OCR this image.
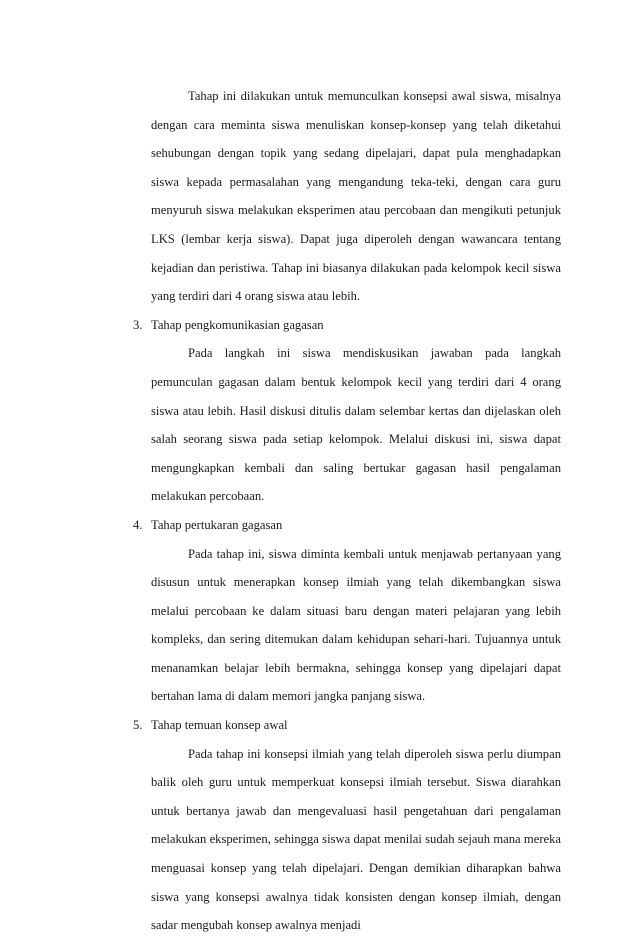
Tahap ini dilakukan untuk memunculkan konsepsi awal siswa, misalnya dengan cara meminta siswa menuliskan konsep-konsep yang telah diketahui sehubungan dengan topik yang sedang dipelajari, dapat pula menghadapkan siswa kepada permasalahan yang mengandung teka-teki, dengan cara guru menyuruh siswa melakukan eksperimen atau percobaan dan mengikuti petunjuk LKS (lembar kerja siswa). Dapat juga diperoleh dengan wawancara tentang kejadian dan peristiwa. Tahap ini biasanya dilakukan pada kelompok kecil siswa yang terdiri dari 4 orang siswa atau lebih.

3. Tahap pengkomunikasian gagasan

Pada langkah ini siswa mendiskusikan jawaban pada langkah pemunculan gagasan dalam bentuk kelompok kecil yang terdiri dari 4 orang siswa atau lebih. Hasil diskusi ditulis dalam selembar kertas dan dijelaskan oleh salah seorang siswa pada setiap kelompok. Melalui diskusi ini, siswa dapat mengungkapkan kembali dan saling bertukar gagasan hasil pengalaman melakukan percobaan.

4. Tahap pertukaran gagasan

Pada tahap ini, siswa diminta kembali untuk menjawab pertanyaan yang disusun untuk menerapkan konsep ilmiah yang telah dikembangkan siswa melalui percobaan ke dalam situasi baru dengan materi pelajaran yang lebih kompleks, dan sering ditemukan dalam kehidupan sehari-hari. Tujuannya untuk menanamkan belajar lebih bermakna, sehingga konsep yang dipelajari dapat bertahan lama di dalam memori jangka panjang siswa.

5. Tahap temuan konsep awal

Pada tahap ini konsepsi ilmiah yang telah diperoleh siswa perlu diumpan balik oleh guru untuk memperkuat konsepsi ilmiah tersebut. Siswa diarahkan untuk bertanya jawab dan mengevaluasi hasil pengetahuan dari pengalaman melakukan eksperimen, sehingga siswa dapat menilai sudah sejauh mana mereka menguasai konsep yang telah dipelajari. Dengan demikian diharapkan bahwa siswa yang konsepsi awalnya tidak konsisten dengan konsep ilmiah, dengan sadar mengubah konsep awalnya menjadi
